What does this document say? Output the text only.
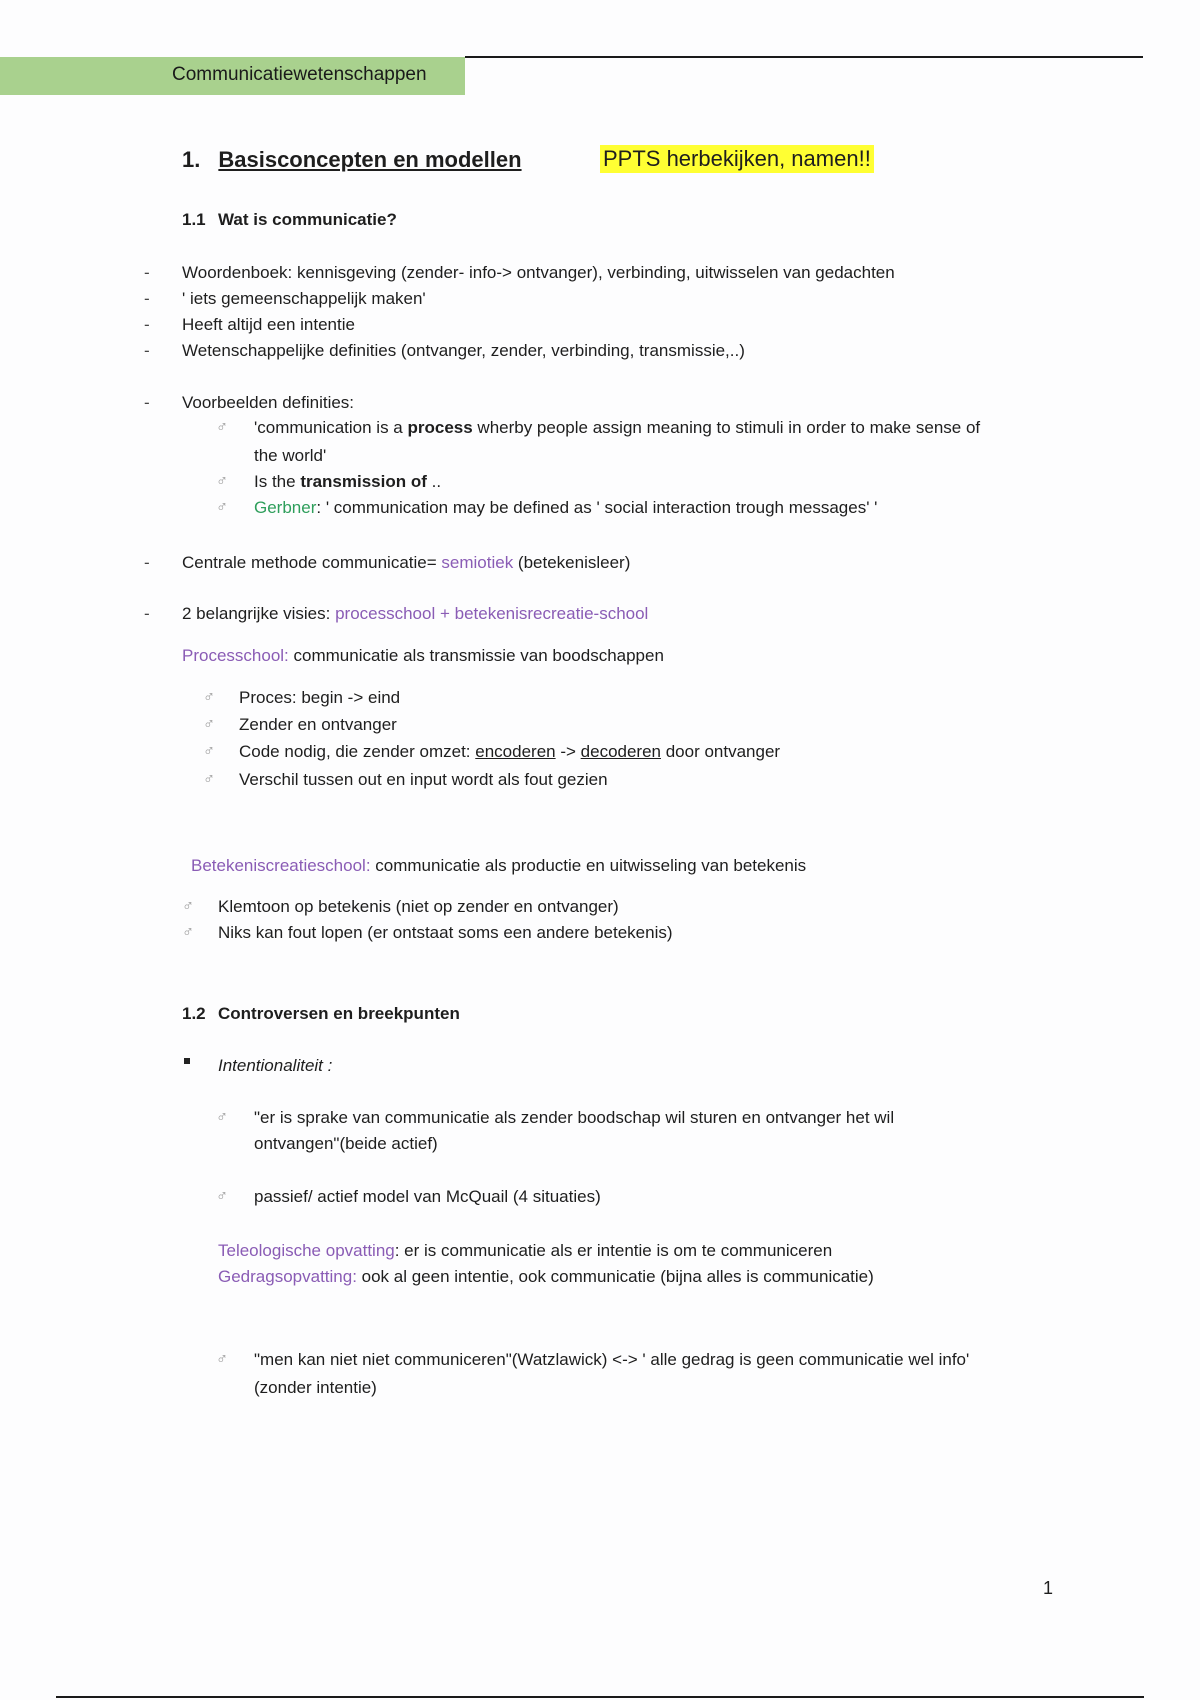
Communicatiewetenschappen
1. Basisconcepten en modellen	PPTS herbekijken, namen!!
1.1 Wat is communicatie?
- Woordenboek: kennisgeving (zender- info-> ontvanger), verbinding, uitwisselen van gedachten
- ' iets gemeenschappelijk maken'
- Heeft altijd een intentie
- Wetenschappelijke definities (ontvanger, zender, verbinding, transmissie,..)
- Voorbeelden definities:
♂ 'communication is a process wherby people assign meaning to stimuli in order to make sense of
the world'
♂ Is the transmission of ..
♂ Gerbner: ' communication may be defined as ' social interaction trough messages' '
- Centrale methode communicatie= semiotiek (betekenisleer)
- 2 belangrijke visies: processchool + betekenisrecreatie-school
Processchool: communicatie als transmissie van boodschappen
♂ Proces: begin -> eind
♂ Zender en ontvanger
♂ Code nodig, die zender omzet: encoderen -> decoderen door ontvanger
♂ Verschil tussen out en input wordt als fout gezien
Betekeniscreatieschool: communicatie als productie en uitwisseling van betekenis
♂ Klemtoon op betekenis (niet op zender en ontvanger)
♂ Niks kan fout lopen (er ontstaat soms een andere betekenis)
1.2 Controversen en breekpunten
Intentionaliteit :
♂ "er is sprake van communicatie als zender boodschap wil sturen en ontvanger het wil
ontvangen"(beide actief)
♂ passief/ actief model van McQuail (4 situaties)
Teleologische opvatting: er is communicatie als er intentie is om te communiceren
Gedragsopvatting: ook al geen intentie, ook communicatie (bijna alles is communicatie)
♂ "men kan niet niet communiceren"(Watzlawick) <-> ' alle gedrag is geen communicatie wel info'
(zonder intentie)
1
